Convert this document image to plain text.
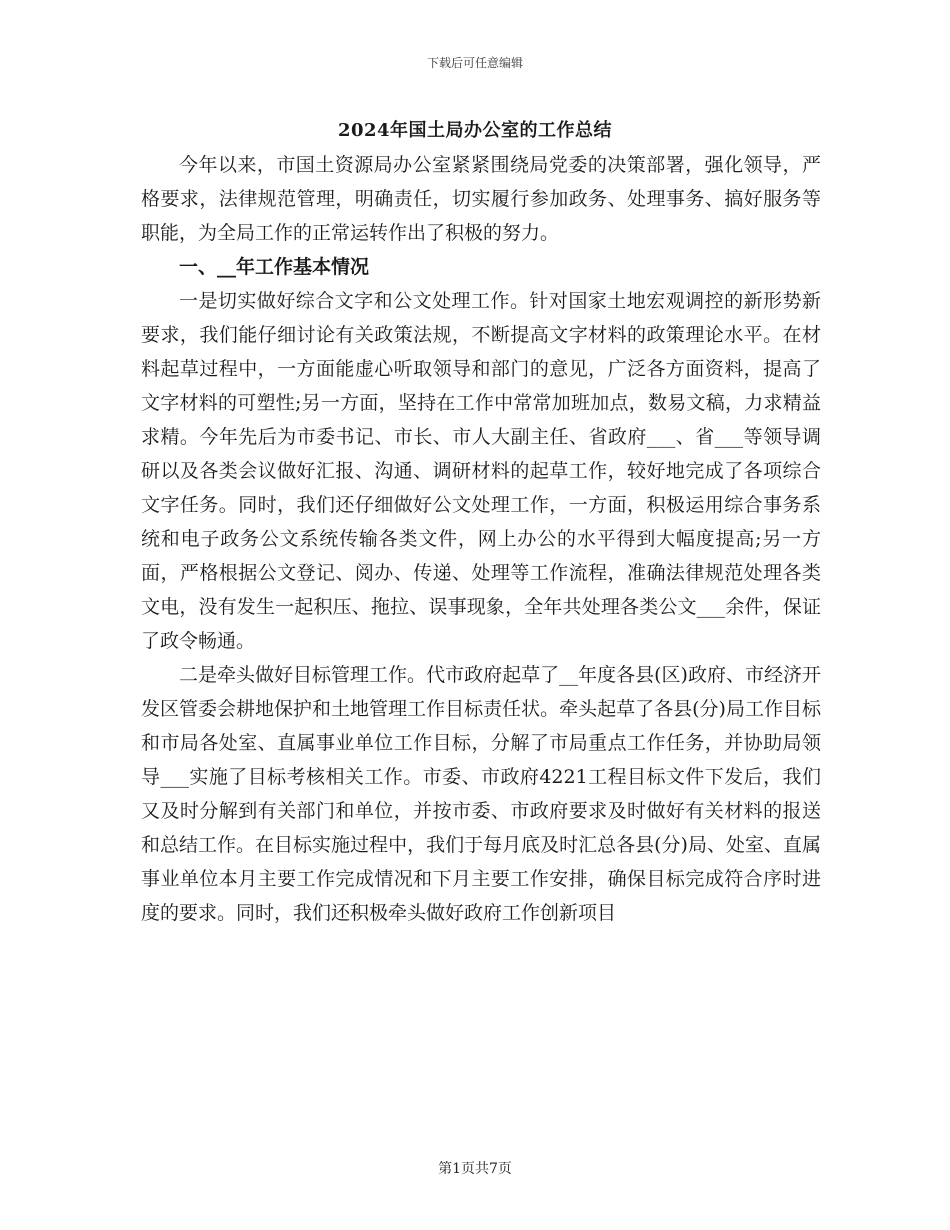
下载后可任意编辑
2024年国土局办公室的工作总结

今年以来，市国土资源局办公室紧紧围绕局党委的决策部署，强化领导，严格要求，法律规范管理，明确责任，切实履行参加政务、处理事务、搞好服务等职能，为全局工作的正常运转作出了积极的努力。

一、__年工作基本情况

一是切实做好综合文字和公文处理工作。针对国家土地宏观调控的新形势新要求，我们能仔细讨论有关政策法规，不断提高文字材料的政策理论水平。在材料起草过程中，一方面能虚心听取领导和部门的意见，广泛各方面资料，提高了文字材料的可塑性;另一方面，坚持在工作中常常加班加点，数易文稿，力求精益求精。今年先后为市委书记、市长、市人大副主任、省政府___、省___等领导调研以及各类会议做好汇报、沟通、调研材料的起草工作，较好地完成了各项综合文字任务。同时，我们还仔细做好公文处理工作，一方面，积极运用综合事务系统和电子政务公文系统传输各类文件，网上办公的水平得到大幅度提高;另一方面，严格根据公文登记、阅办、传递、处理等工作流程，准确法律规范处理各类文电，没有发生一起积压、拖拉、误事现象，全年共处理各类公文___余件，保证了政令畅通。

二是牵头做好目标管理工作。代市政府起草了__年度各县(区)政府、市经济开发区管委会耕地保护和土地管理工作目标责任状。牵头起草了各县(分)局工作目标和市局各处室、直属事业单位工作目标，分解了市局重点工作任务，并协助局领导___实施了目标考核相关工作。市委、市政府4221工程目标文件下发后，我们又及时分解到有关部门和单位，并按市委、市政府要求及时做好有关材料的报送和总结工作。在目标实施过程中，我们于每月底及时汇总各县(分)局、处室、直属事业单位本月主要工作完成情况和下月主要工作安排，确保目标完成符合序时进度的要求。同时，我们还积极牵头做好政府工作创新项目

第1页共7页
